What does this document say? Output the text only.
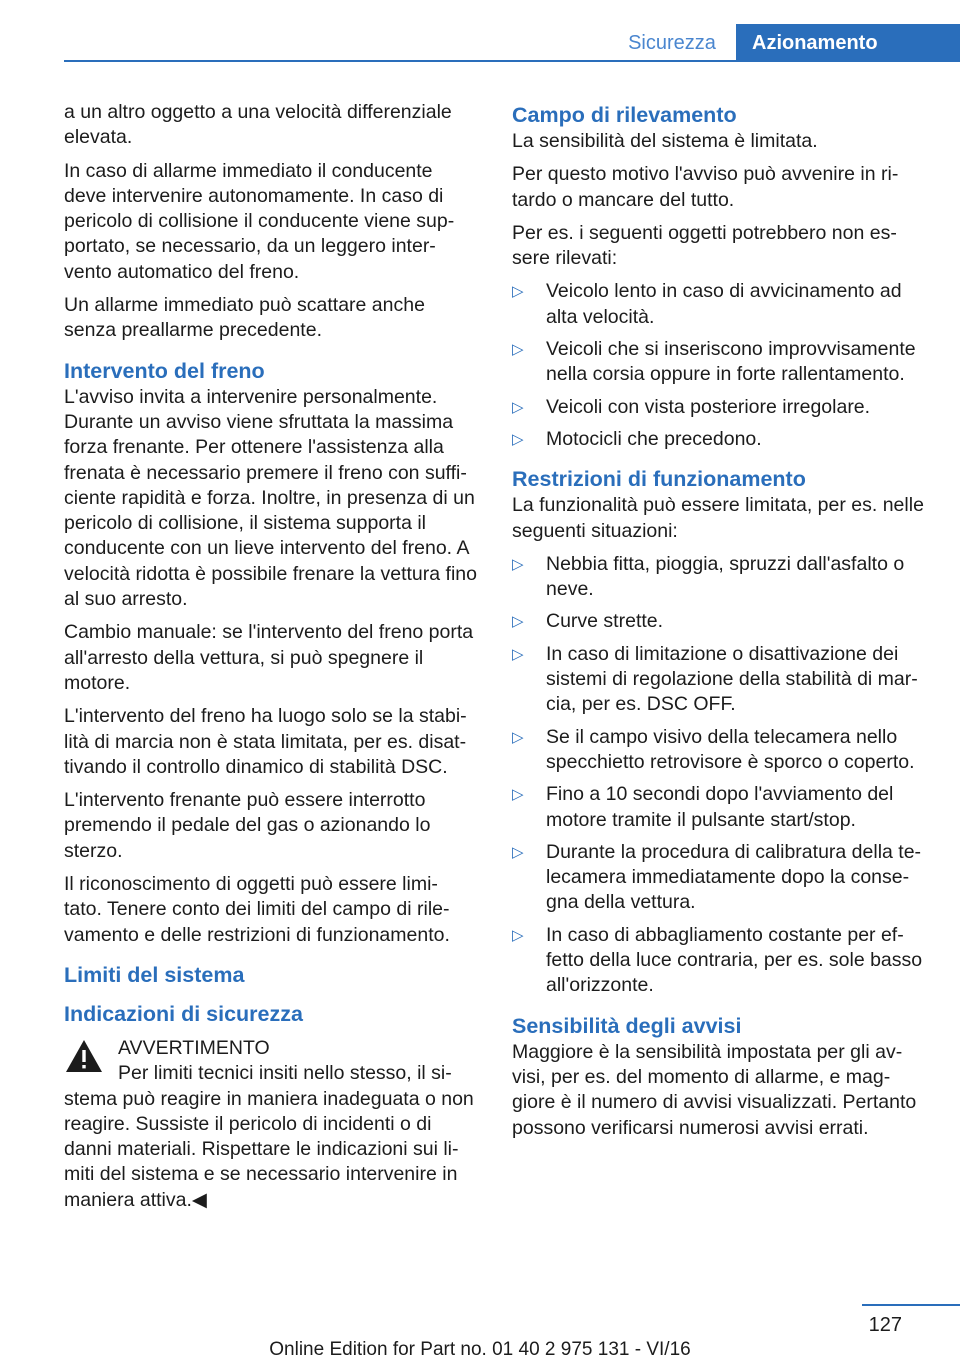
Sicurezza	Azionamento

a un altro oggetto a una velocità differenziale elevata.

In caso di allarme immediato il conducente deve intervenire autonomamente. In caso di pericolo di collisione il conducente viene sup‐ portato, se necessario, da un leggero inter‐ vento automatico del freno.

Un allarme immediato può scattare anche senza preallarme precedente.

Intervento del freno

L'avviso invita a intervenire personalmente. Durante un avviso viene sfruttata la massima forza frenante. Per ottenere l'assistenza alla frenata è necessario premere il freno con suffi‐ ciente rapidità e forza. Inoltre, in presenza di un pericolo di collisione, il sistema supporta il conducente con un lieve intervento del freno. A velocità ridotta è possibile frenare la vettura fino al suo arresto.

Cambio manuale: se l'intervento del freno porta all'arresto della vettura, si può spegnere il motore.

L'intervento del freno ha luogo solo se la stabi‐ lità di marcia non è stata limitata, per es. disat‐ tivando il controllo dinamico di stabilità DSC.

L'intervento frenante può essere interrotto premendo il pedale del gas o azionando lo sterzo.

Il riconoscimento di oggetti può essere limi‐ tato. Tenere conto dei limiti del campo di rile‐ vamento e delle restrizioni di funzionamento.

Limiti del sistema
Indicazioni di sicurezza
AVVERTIMENTO
Per limiti tecnici insiti nello stesso, il si‐
stema può reagire in maniera inadeguata o non reagire. Sussiste il pericolo di incidenti o di danni materiali. Rispettare le indicazioni sui li‐ miti del sistema e se necessario intervenire in maniera attiva.◀
Campo di rilevamento

La sensibilità del sistema è limitata.

Per questo motivo l'avviso può avvenire in ri‐ tardo o mancare del tutto.

Per es. i seguenti oggetti potrebbero non es‐ sere rilevati:

▷ Veicolo lento in caso di avvicinamento ad alta velocità.
▷ Veicoli che si inseriscono improvvisamente nella corsia oppure in forte rallentamento.
▷ Veicoli con vista posteriore irregolare.
▷ Motocicli che precedono.
Restrizioni di funzionamento

La funzionalità può essere limitata, per es. nelle seguenti situazioni:

▷ Nebbia fitta, pioggia, spruzzi dall'asfalto o neve.
▷ Curve strette.
▷ In caso di limitazione o disattivazione dei sistemi di regolazione della stabilità di mar‐ cia, per es. DSC OFF.
▷ Se il campo visivo della telecamera nello specchietto retrovisore è sporco o coperto.
▷ Fino a 10 secondi dopo l'avviamento del motore tramite il pulsante start/stop.
▷ Durante la procedura di calibratura della te‐ lecamera immediatamente dopo la conse‐ gna della vettura.
▷ In caso di abbagliamento costante per ef‐ fetto della luce contraria, per es. sole basso all'orizzonte.
Sensibilità degli avvisi

Maggiore è la sensibilità impostata per gli av‐ visi, per es. del momento di allarme, e mag‐ giore è il numero di avvisi visualizzati. Pertanto possono verificarsi numerosi avvisi errati.

127
Online Edition for Part no. 01 40 2 975 131 - VI/16
